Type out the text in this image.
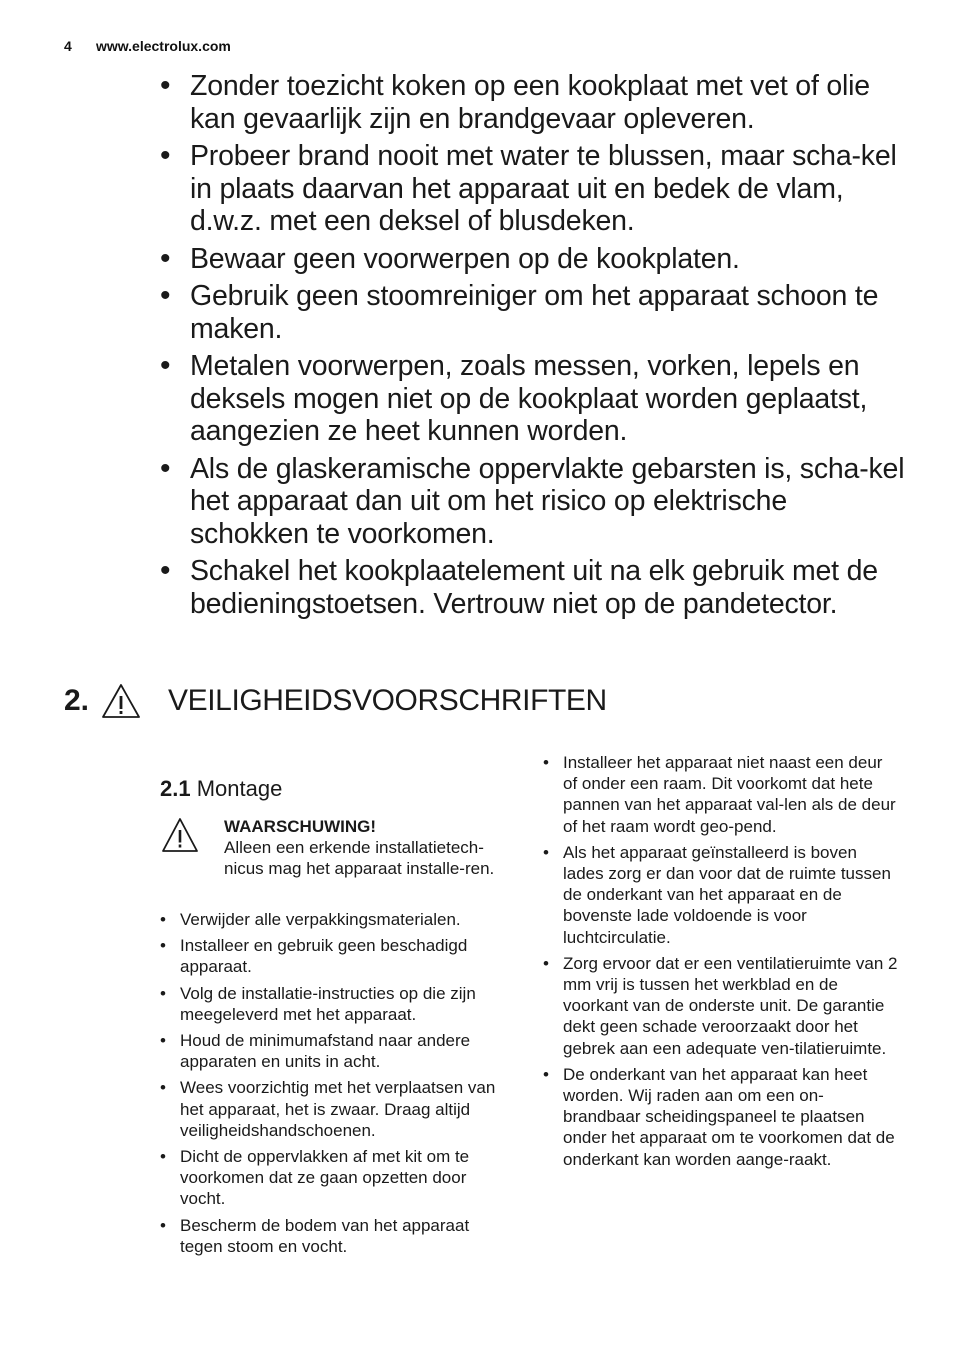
4 www.electrolux.com
• Zonder toezicht koken op een kookplaat met vet of olie kan gevaarlijk zijn en brandgevaar opleveren.
• Probeer brand nooit met water te blussen, maar scha-kel in plaats daarvan het apparaat uit en bedek de vlam, d.w.z. met een deksel of blusdeken.
• Bewaar geen voorwerpen op de kookplaten.
• Gebruik geen stoomreiniger om het apparaat schoon te maken.
• Metalen voorwerpen, zoals messen, vorken, lepels en deksels mogen niet op de kookplaat worden geplaatst, aangezien ze heet kunnen worden.
• Als de glaskeramische oppervlakte gebarsten is, scha-kel het apparaat dan uit om het risico op elektrische schokken te voorkomen.
• Schakel het kookplaatelement uit na elk gebruik met de bedieningstoetsen. Vertrouw niet op de pandetector.
2.	VEILIGHEIDSVOORSCHRIFTEN
2.1 Montage
WAARSCHUWING!
Alleen een erkende installatietech-nicus mag het apparaat installe-ren.
• Verwijder alle verpakkingsmaterialen.
• Installeer en gebruik geen beschadigd apparaat.
• Volg de installatie-instructies op die zijn meegeleverd met het apparaat.
• Houd de minimumafstand naar andere apparaten en units in acht.
• Wees voorzichtig met het verplaatsen van het apparaat, het is zwaar. Draag altijd veiligheidshandschoenen.
• Dicht de oppervlakken af met kit om te voorkomen dat ze gaan opzetten door vocht.
• Bescherm de bodem van het apparaat tegen stoom en vocht.
• Installeer het apparaat niet naast een deur of onder een raam. Dit voorkomt dat hete pannen van het apparaat val-len als de deur of het raam wordt geo-pend.
• Als het apparaat geïnstalleerd is boven lades zorg er dan voor dat de ruimte tussen de onderkant van het apparaat en de bovenste lade voldoende is voor luchtcirculatie.
• Zorg ervoor dat er een ventilatieruimte van 2 mm vrij is tussen het werkblad en de voorkant van de onderste unit. De garantie dekt geen schade veroorzaakt door het gebrek aan een adequate ven-tilatieruimte.
• De onderkant van het apparaat kan heet worden. Wij raden aan om een on-brandbaar scheidingspaneel te plaatsen onder het apparaat om te voorkomen dat de onderkant kan worden aange-raakt.
